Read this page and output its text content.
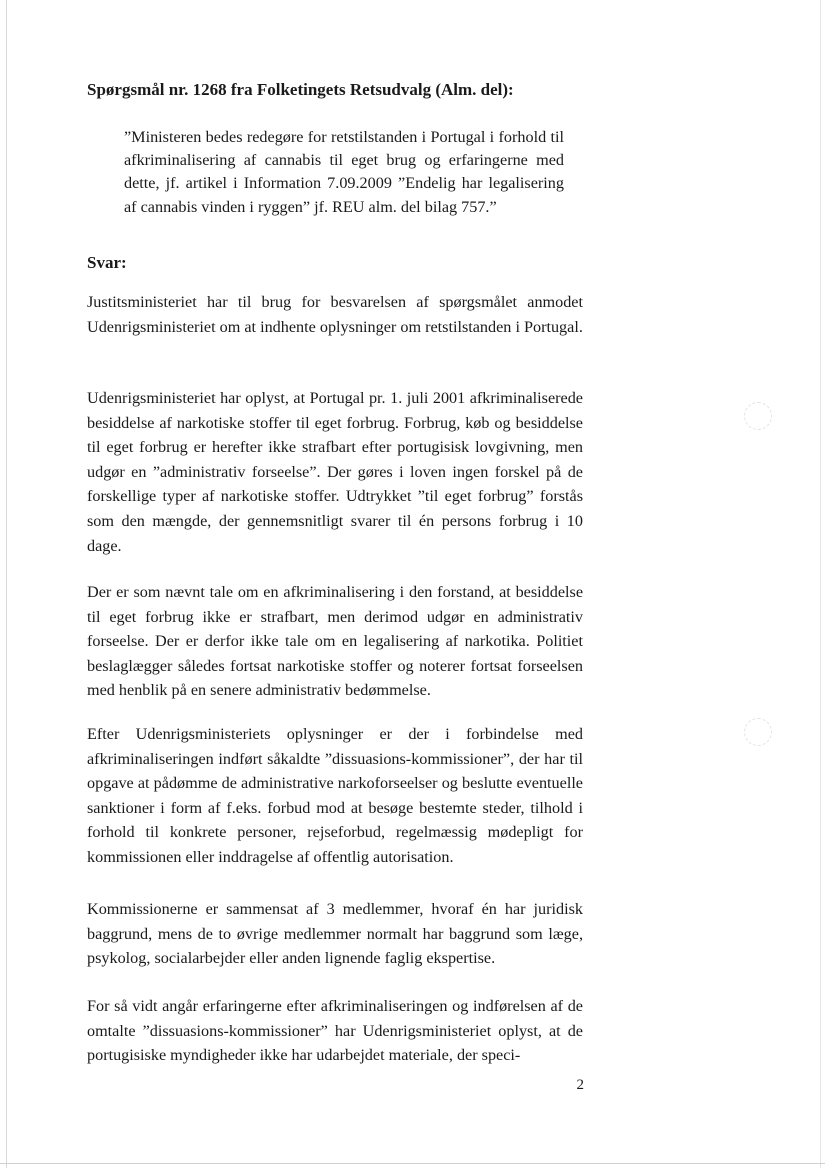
Spørgsmål nr. 1268 fra Folketingets Retsudvalg (Alm. del):

”Ministeren bedes redegøre for retstilstanden i Portugal i forhold til afkriminalisering af cannabis til eget brug og erfaringerne med dette, jf. artikel i Information 7.09.2009 ”Endelig har legalisering af cannabis vinden i ryggen” jf. REU alm. del bilag 757.”

Svar:

Justitsministeriet har til brug for besvarelsen af spørgsmålet anmodet Udenrigsministeriet om at indhente oplysninger om retstilstanden i Portugal.

Udenrigsministeriet har oplyst, at Portugal pr. 1. juli 2001 afkriminaliserede besiddelse af narkotiske stoffer til eget forbrug. Forbrug, køb og besiddelse til eget forbrug er herefter ikke strafbart efter portugisisk lovgivning, men udgør en ”administrativ forseelse”. Der gøres i loven ingen forskel på de forskellige typer af narkotiske stoffer. Udtrykket ”til eget forbrug” forstås som den mængde, der gennemsnitligt svarer til én persons forbrug i 10 dage.

Der er som nævnt tale om en afkriminalisering i den forstand, at besiddelse til eget forbrug ikke er strafbart, men derimod udgør en administrativ forseelse. Der er derfor ikke tale om en legalisering af narkotika. Politiet beslaglægger således fortsat narkotiske stoffer og noterer fortsat forseelsen med henblik på en senere administrativ bedømmelse.

Efter Udenrigsministeriets oplysninger er der i forbindelse med afkriminaliseringen indført såkaldte ”dissuasions-kommissioner”, der har til opgave at pådømme de administrative narkoforseelser og beslutte eventuelle sanktioner i form af f.eks. forbud mod at besøge bestemte steder, tilhold i forhold til konkrete personer, rejseforbud, regelmæssig mødepligt for kommissionen eller inddragelse af offentlig autorisation.

Kommissionerne er sammensat af 3 medlemmer, hvoraf én har juridisk baggrund, mens de to øvrige medlemmer normalt har baggrund som læge, psykolog, socialarbejder eller anden lignende faglig ekspertise.

For så vidt angår erfaringerne efter afkriminaliseringen og indførelsen af de omtalte ”dissuasions-kommissioner” har Udenrigsministeriet oplyst, at de portugisiske myndigheder ikke har udarbejdet materiale, der speci-

2
